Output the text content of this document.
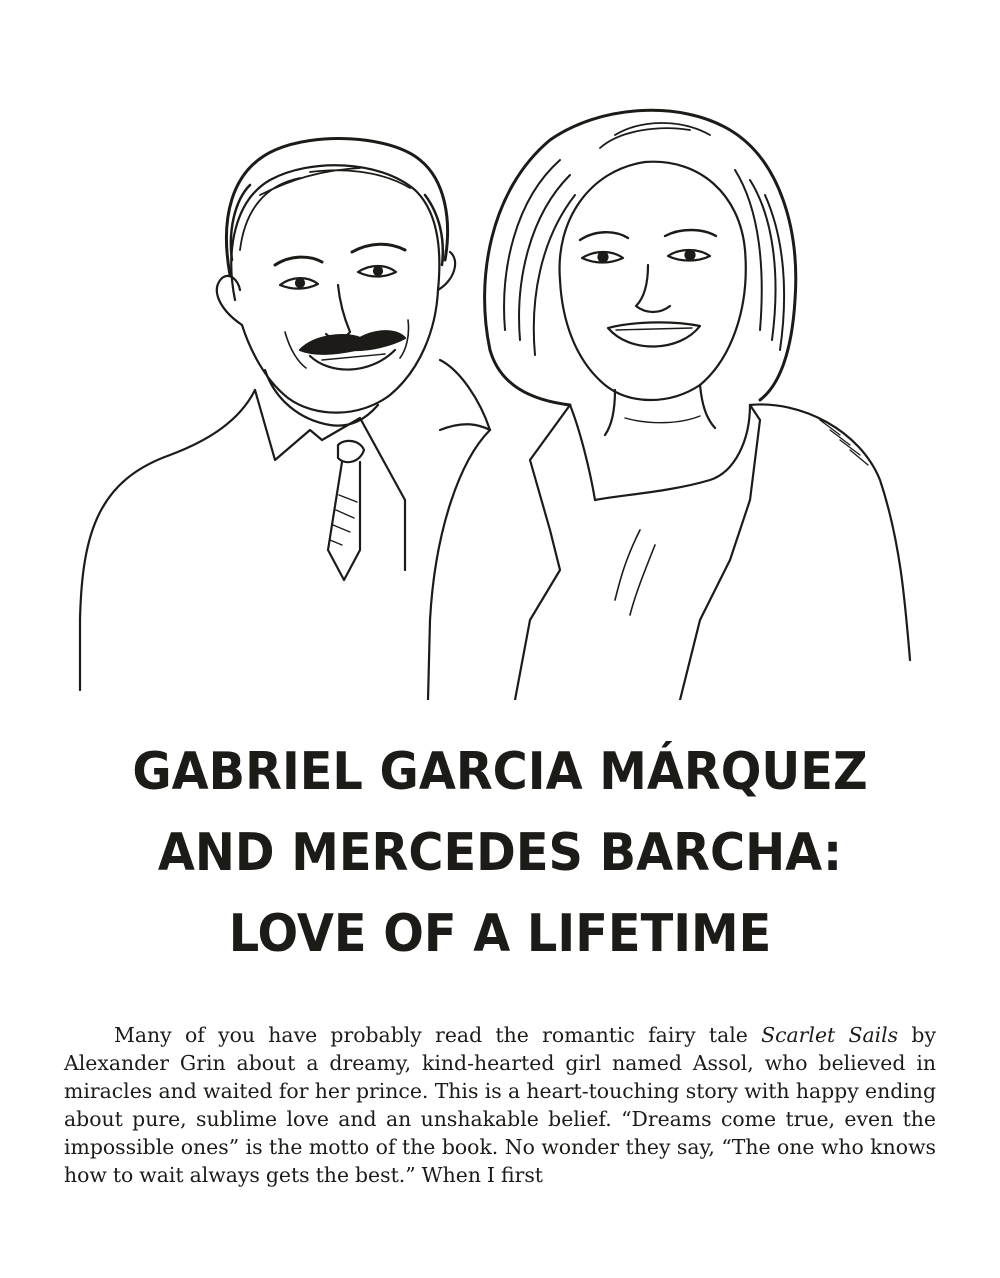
GABRIEL GARCIA MÁRQUEZ
AND MERCEDES BARCHA:
LOVE OF A LIFETIME

Many of you have probably read the romantic fairy tale Scarlet Sails by Alexander Grin about a dreamy, kind-hearted girl named Assol, who believed in miracles and waited for her prince. This is a heart-touching story with happy ending about pure, sublime love and an unshakable belief. “Dreams come true, even the impossible ones” is the motto of the book. No wonder they say, “The one who knows how to wait always gets the best.” When I first
